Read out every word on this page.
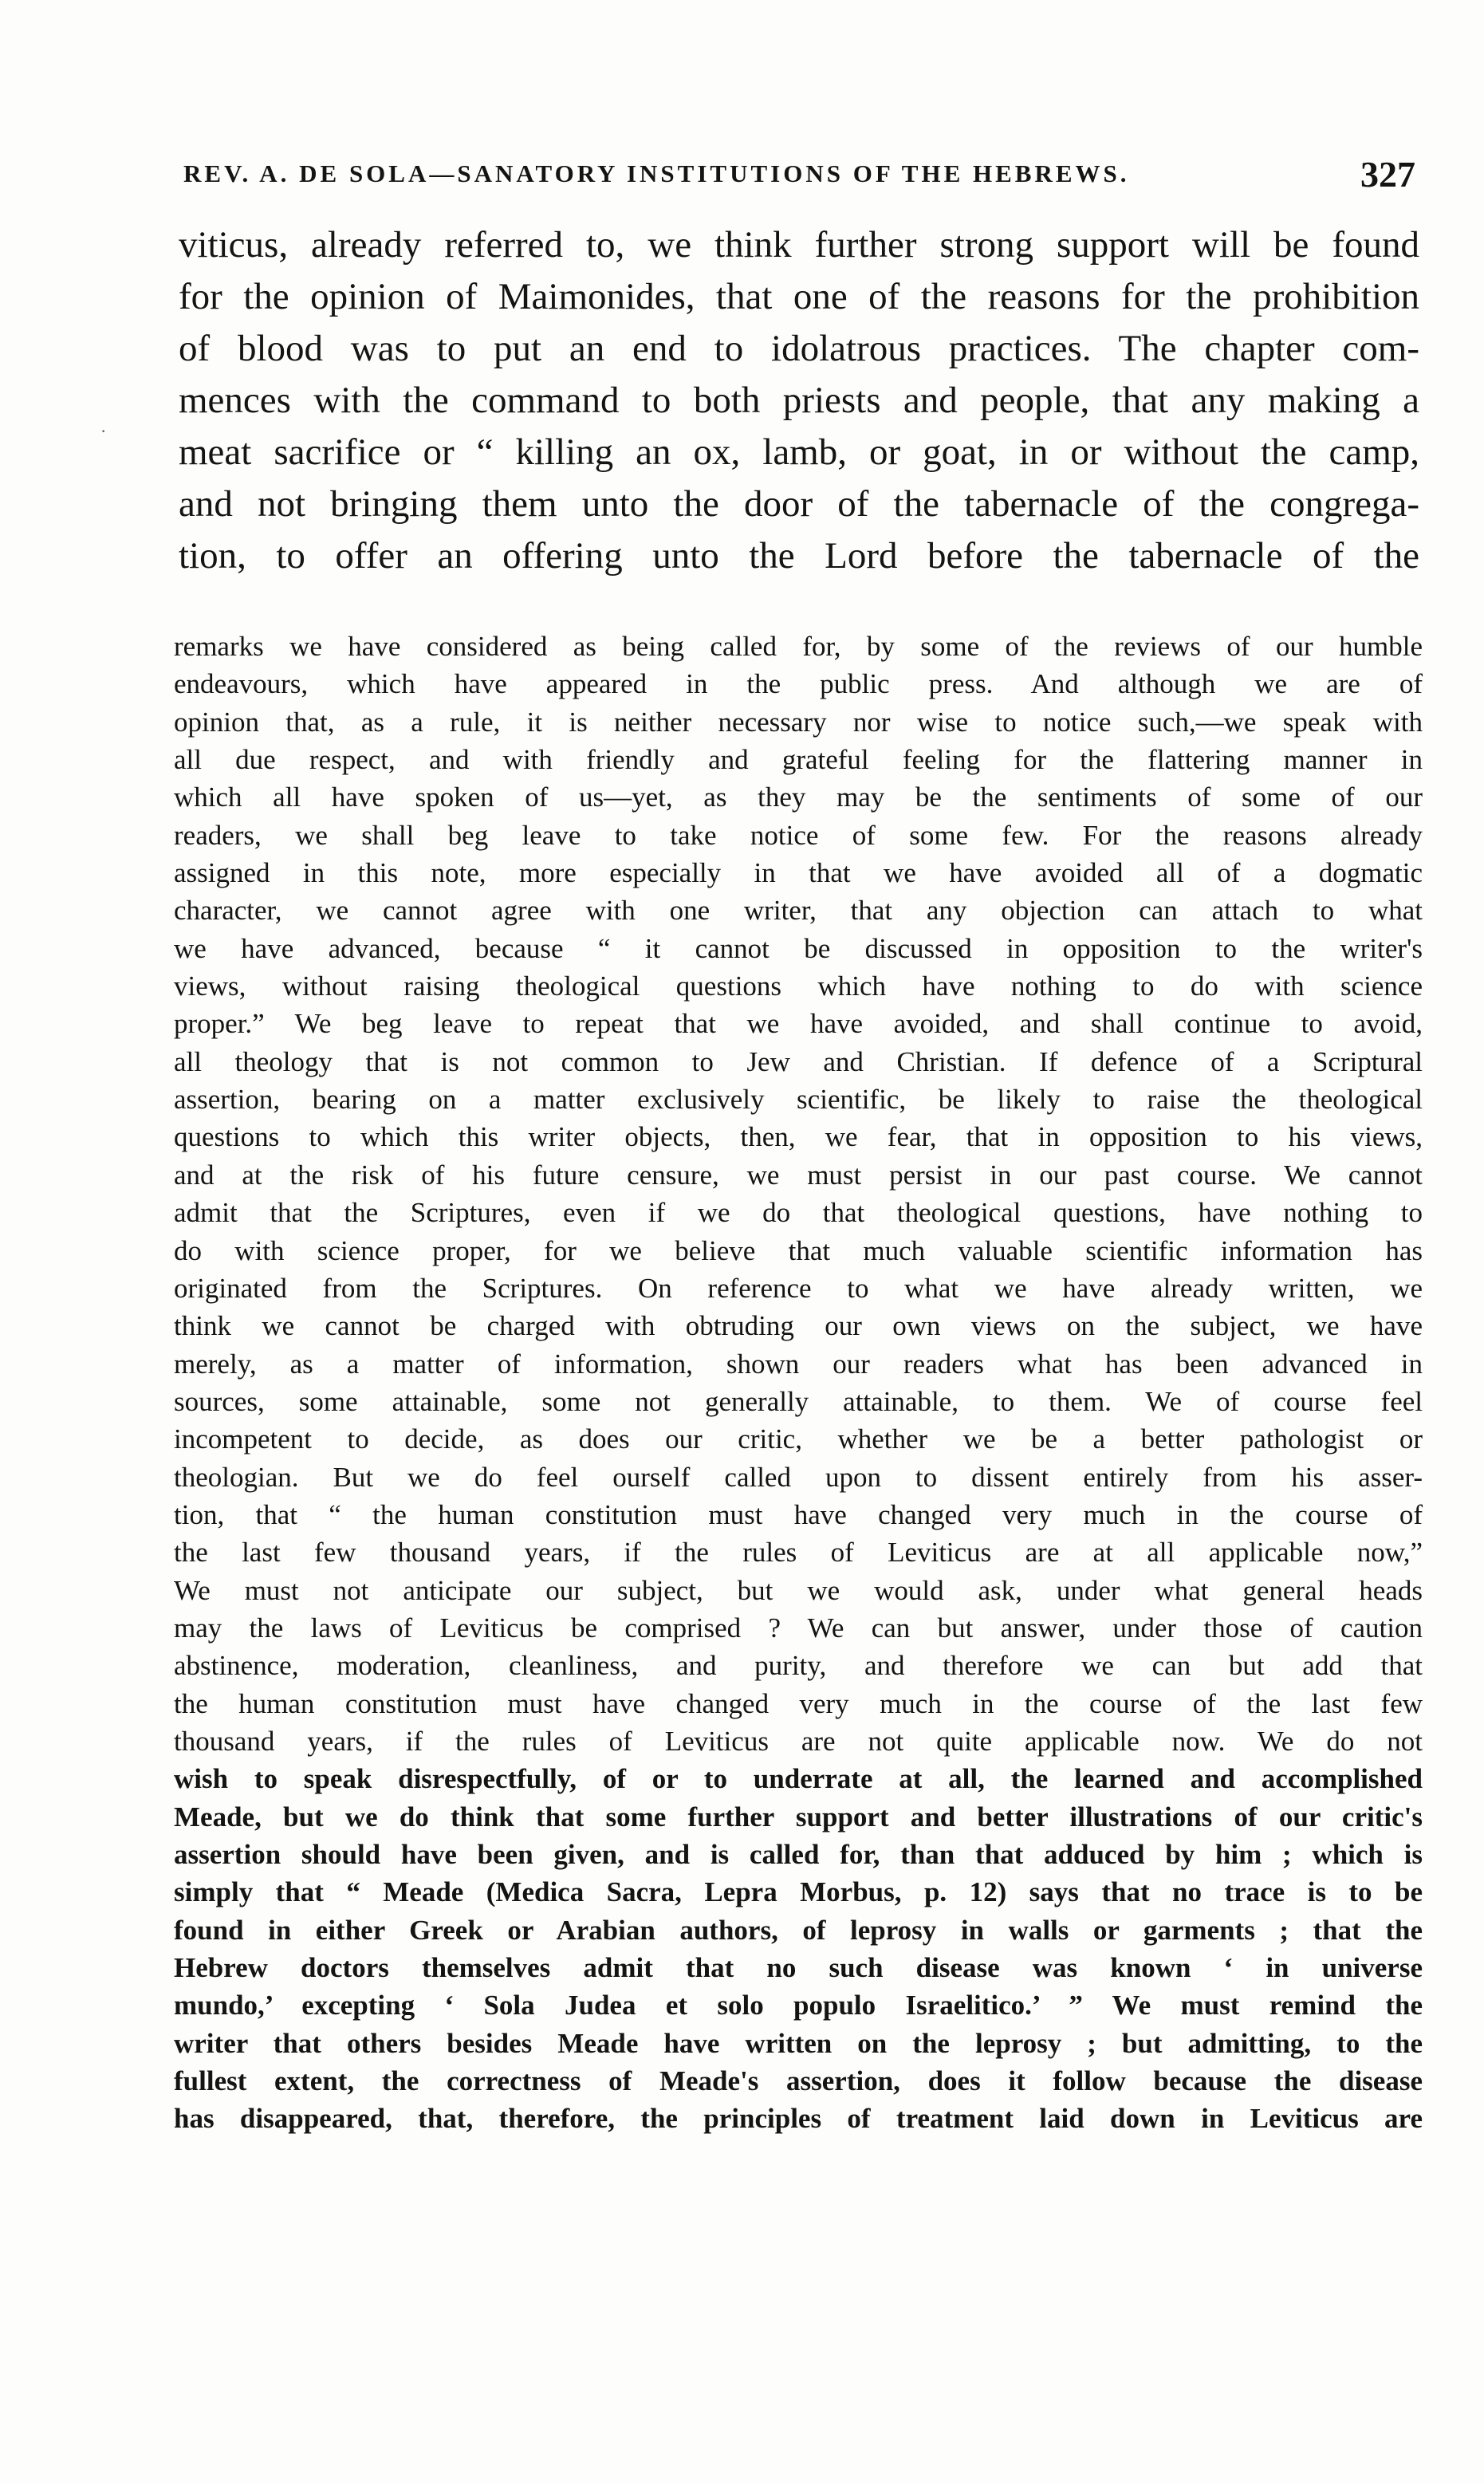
·
REV. A. DE SOLA—SANATORY INSTITUTIONS OF THE HEBREWS.	327
viticus, already referred to, we think further strong support will be found
for the opinion of Maimonides, that one of the reasons for the prohibition
of blood was to put an end to idolatrous practices. The chapter com-
mences with the command to both priests and people, that any making a
meat sacrifice or “ killing an ox, lamb, or goat, in or without the camp,
and not bringing them unto the door of the tabernacle of the congrega-
tion, to offer an offering unto the Lord before the tabernacle of the
remarks we have considered as being called for, by some of the reviews of our humble
endeavours, which have appeared in the public press. And although we are of
opinion that, as a rule, it is neither necessary nor wise to notice such,—we speak with
all due respect, and with friendly and grateful feeling for the flattering manner in
which all have spoken of us—yet, as they may be the sentiments of some of our
readers, we shall beg leave to take notice of some few. For the reasons already
assigned in this note, more especially in that we have avoided all of a dogmatic
character, we cannot agree with one writer, that any objection can attach to what
we have advanced, because “ it cannot be discussed in opposition to the writer's
views, without raising theological questions which have nothing to do with science
proper.” We beg leave to repeat that we have avoided, and shall continue to avoid,
all theology that is not common to Jew and Christian. If defence of a Scriptural
assertion, bearing on a matter exclusively scientific, be likely to raise the theological
questions to which this writer objects, then, we fear, that in opposition to his views,
and at the risk of his future censure, we must persist in our past course. We cannot
admit that the Scriptures, even if we do that theological questions, have nothing to
do with science proper, for we believe that much valuable scientific information has
originated from the Scriptures. On reference to what we have already written, we
think we cannot be charged with obtruding our own views on the subject, we have
merely, as a matter of information, shown our readers what has been advanced in
sources, some attainable, some not generally attainable, to them. We of course feel
incompetent to decide, as does our critic, whether we be a better pathologist or
theologian. But we do feel ourself called upon to dissent entirely from his asser-
tion, that “ the human constitution must have changed very much in the course of
the last few thousand years, if the rules of Leviticus are at all applicable now,”
We must not anticipate our subject, but we would ask, under what general heads
may the laws of Leviticus be comprised ? We can but answer, under those of caution
abstinence, moderation, cleanliness, and purity, and therefore we can but add that
the human constitution must have changed very much in the course of the last few
thousand years, if the rules of Leviticus are not quite applicable now. We do not
wish to speak disrespectfully, of or to underrate at all, the learned and accomplished
Meade, but we do think that some further support and better illustrations of our critic's
assertion should have been given, and is called for, than that adduced by him ; which is
simply that “ Meade (Medica Sacra, Lepra Morbus, p. 12) says that no trace is to be
found in either Greek or Arabian authors, of leprosy in walls or garments ; that the
Hebrew doctors themselves admit that no such disease was known ‘ in universe
mundo,’ excepting ‘ Sola Judea et solo populo Israelitico.’ ” We must remind the
writer that others besides Meade have written on the leprosy ; but admitting, to the
fullest extent, the correctness of Meade's assertion, does it follow because the disease
has disappeared, that, therefore, the principles of treatment laid down in Leviticus are
